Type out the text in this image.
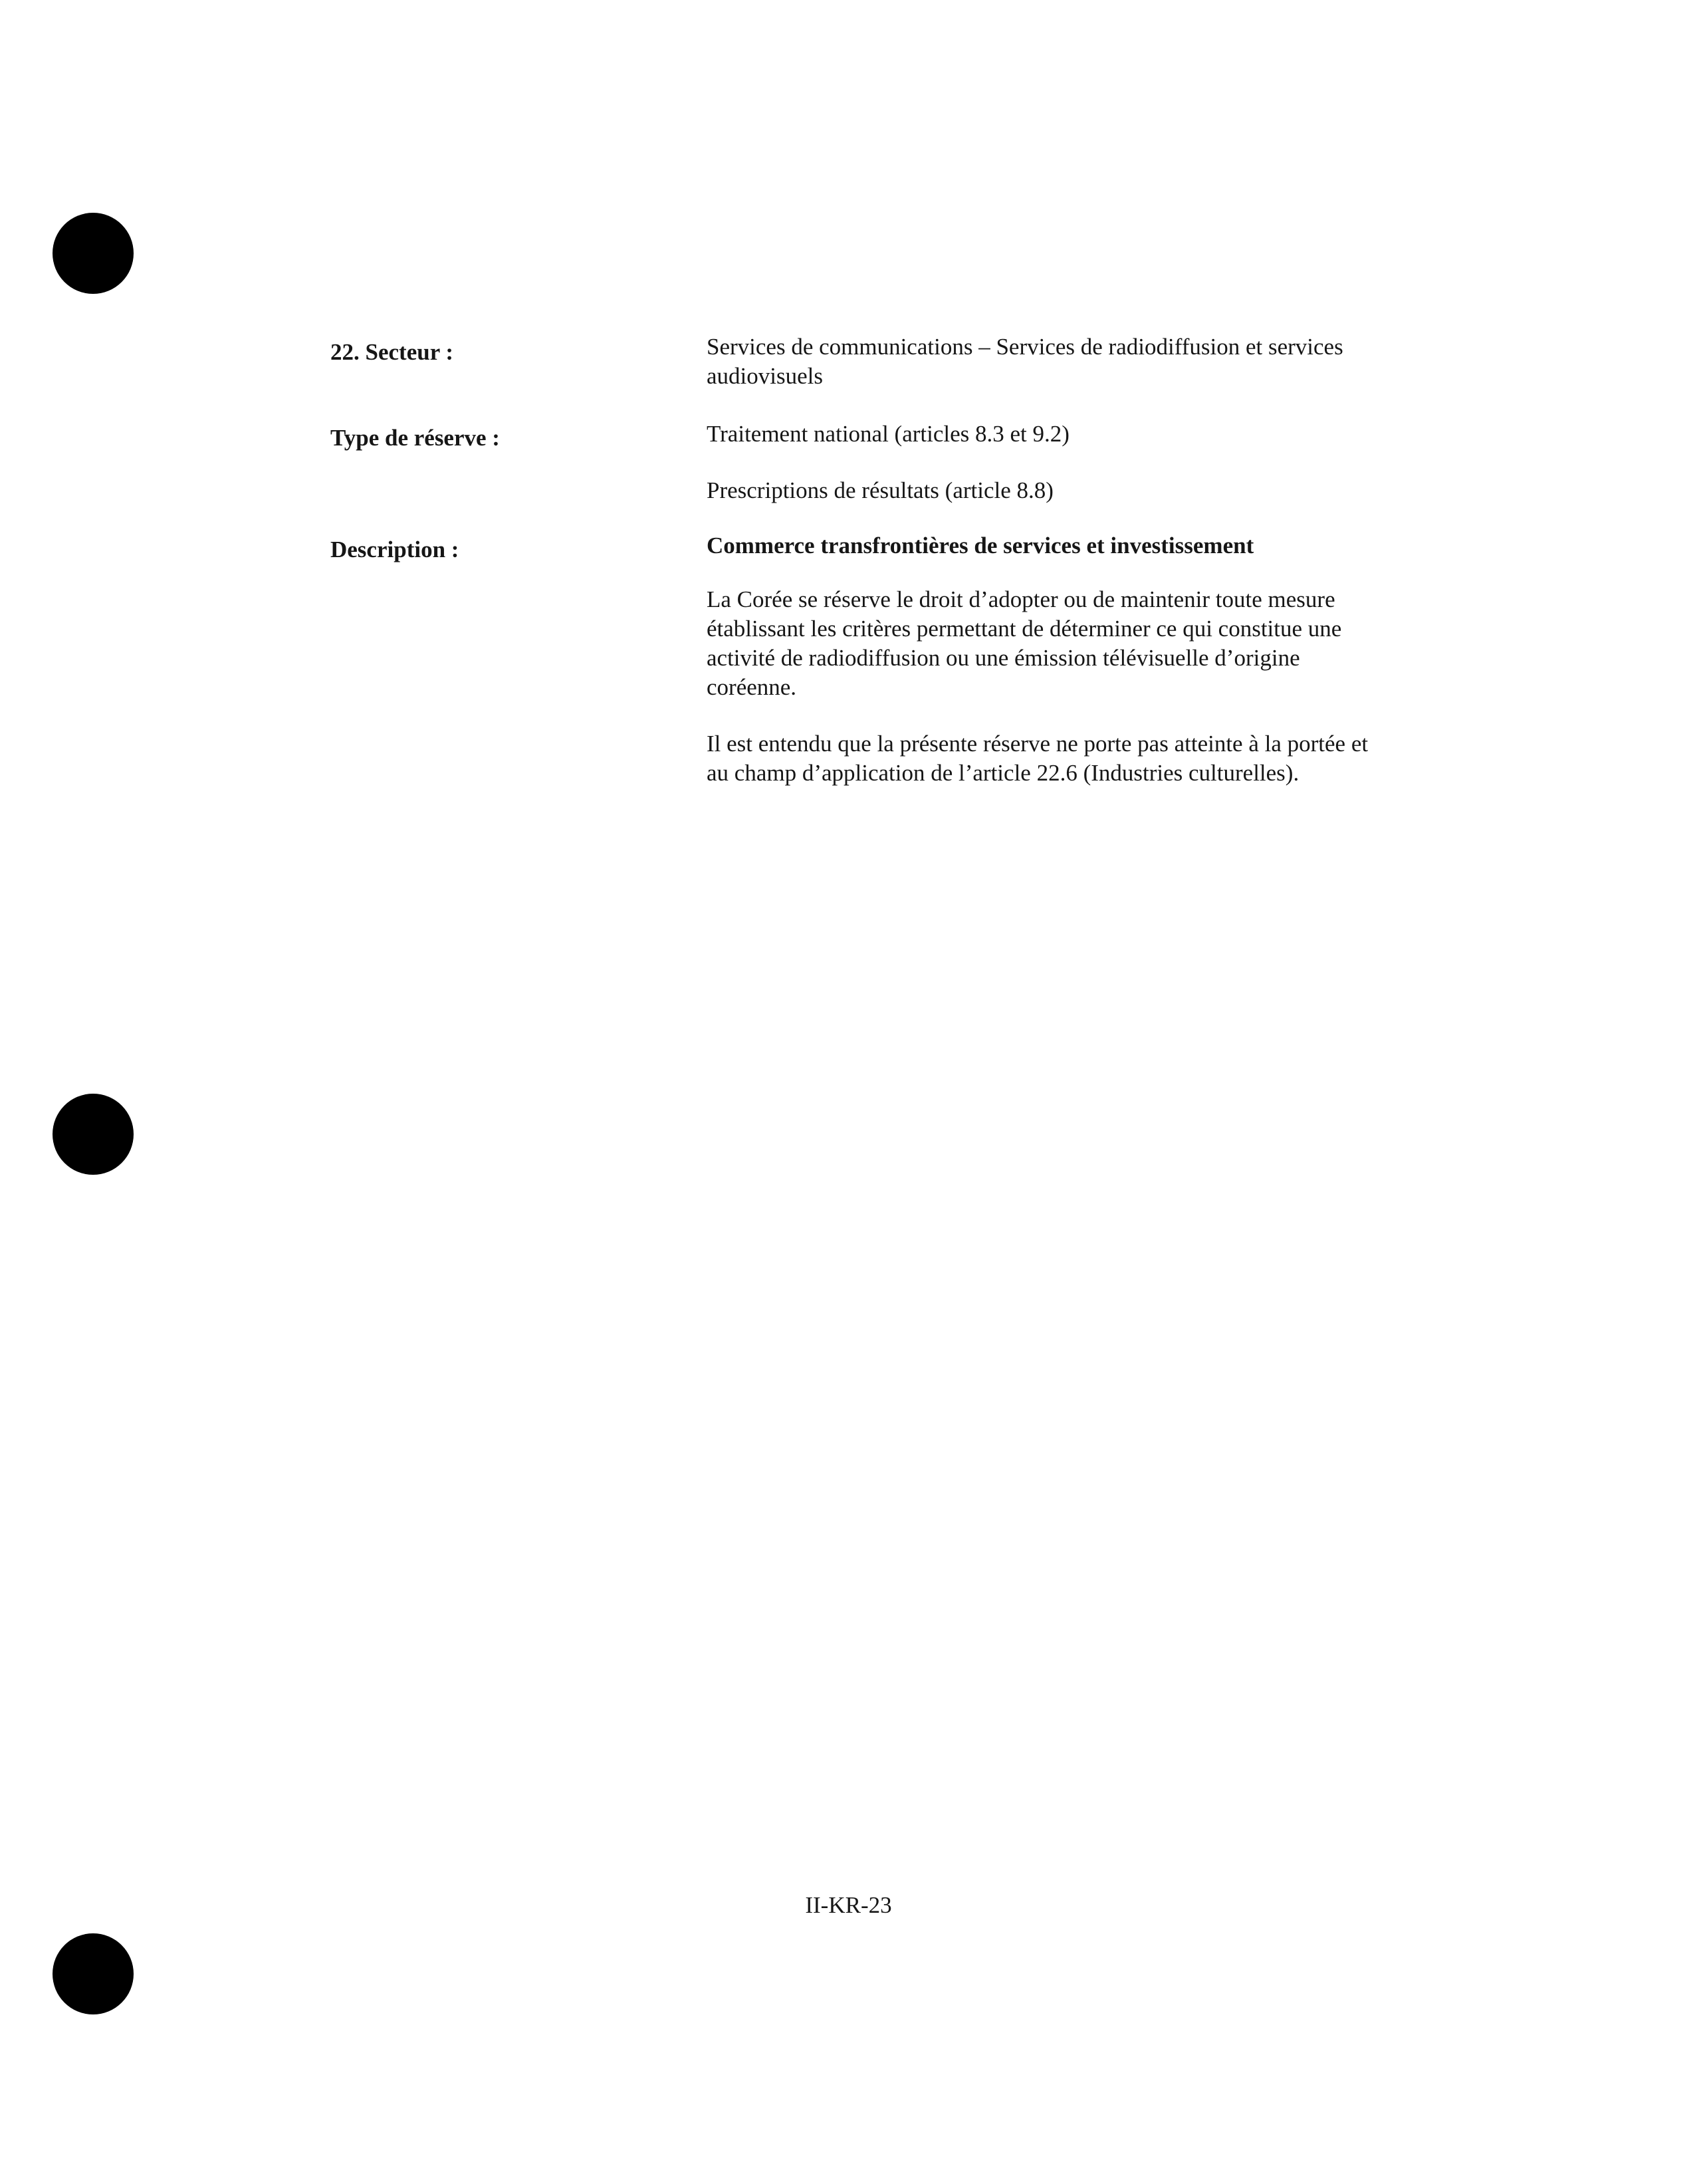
22. Secteur :	Services de communications – Services de radiodiffusion et services audiovisuels
Type de réserve :	Traitement national (articles 8.3 et 9.2)
Prescriptions de résultats (article 8.8)
Description :	Commerce transfrontières de services et investissement
La Corée se réserve le droit d’adopter ou de maintenir toute mesure établissant les critères permettant de déterminer ce qui constitue une activité de radiodiffusion ou une émission télévisuelle d’origine coréenne.
Il est entendu que la présente réserve ne porte pas atteinte à la portée et au champ d’application de l’article 22.6 (Industries culturelles).
II-KR-23
